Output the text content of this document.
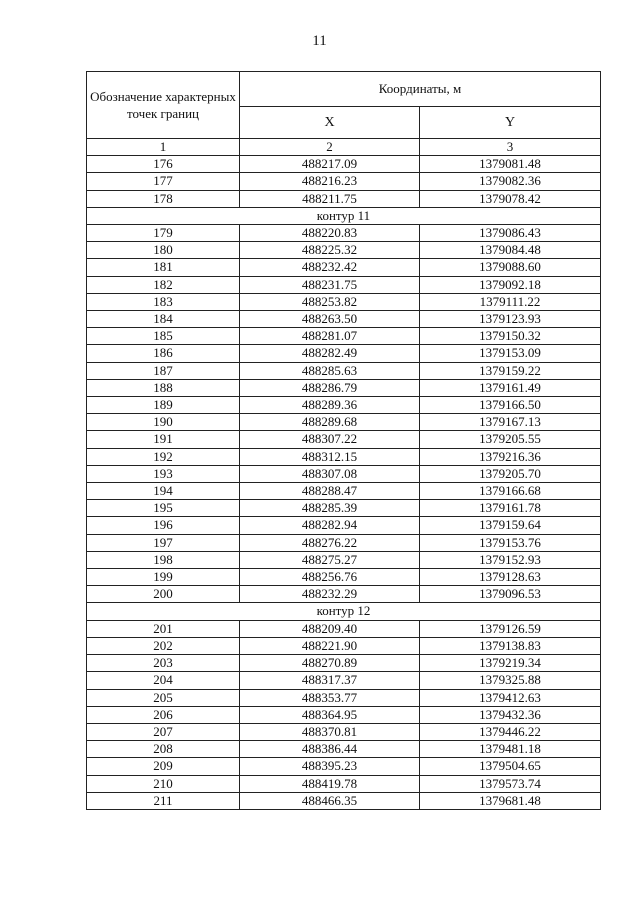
11
Обозначение характерных точек границ	Координаты, м	
	X	Y
1	2	3
176	488217.09	1379081.48
177	488216.23	1379082.36
178	488211.75	1379078.42
контур 11		
179	488220.83	1379086.43
180	488225.32	1379084.48
181	488232.42	1379088.60
182	488231.75	1379092.18
183	488253.82	1379111.22
184	488263.50	1379123.93
185	488281.07	1379150.32
186	488282.49	1379153.09
187	488285.63	1379159.22
188	488286.79	1379161.49
189	488289.36	1379166.50
190	488289.68	1379167.13
191	488307.22	1379205.55
192	488312.15	1379216.36
193	488307.08	1379205.70
194	488288.47	1379166.68
195	488285.39	1379161.78
196	488282.94	1379159.64
197	488276.22	1379153.76
198	488275.27	1379152.93
199	488256.76	1379128.63
200	488232.29	1379096.53
контур 12		
201	488209.40	1379126.59
202	488221.90	1379138.83
203	488270.89	1379219.34
204	488317.37	1379325.88
205	488353.77	1379412.63
206	488364.95	1379432.36
207	488370.81	1379446.22
208	488386.44	1379481.18
209	488395.23	1379504.65
210	488419.78	1379573.74
211	488466.35	1379681.48
